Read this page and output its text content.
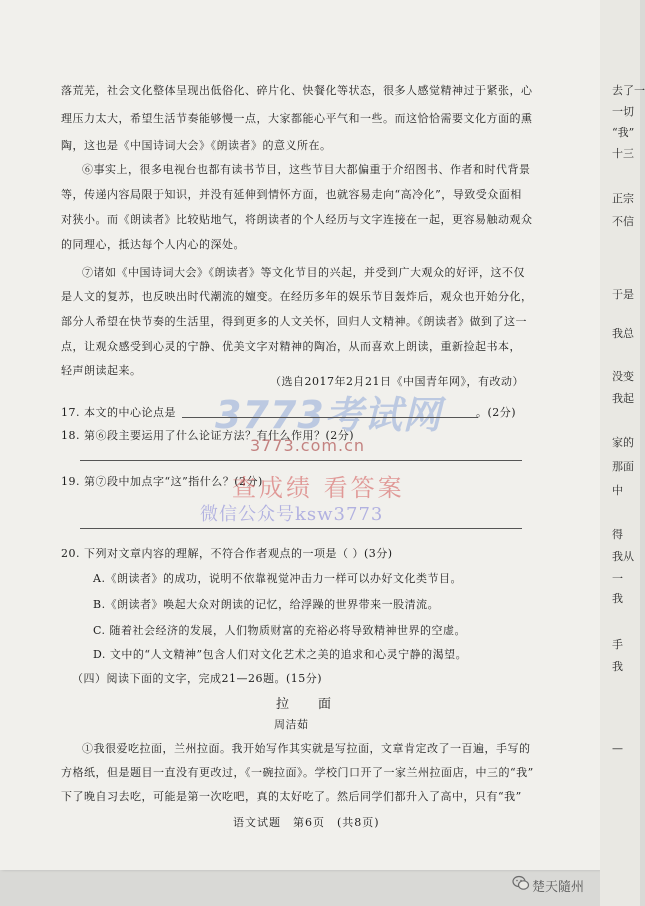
落荒芜，社会文化整体呈现出低俗化、碎片化、快餐化等状态，很多人感觉精神过于紧张，心
理压力太大，希望生活节奏能够慢一点，大家都能心平气和一些。而这恰恰需要文化方面的熏
陶，这也是《中国诗词大会》《朗读者》的意义所在。
⑥事实上，很多电视台也都有读书节目，这些节目大都偏重于介绍图书、作者和时代背景
等，传递内容局限于知识，并没有延伸到情怀方面，也就容易走向“高冷化”，导致受众面相
对狭小。而《朗读者》比较贴地气，将朗读者的个人经历与文字连接在一起，更容易触动观众
的同理心，抵达每个人内心的深处。
⑦诸如《中国诗词大会》《朗读者》等文化节目的兴起，并受到广大观众的好评，这不仅
是人文的复苏，也反映出时代潮流的嬗变。在经历多年的娱乐节目轰炸后，观众也开始分化，
部分人希望在快节奏的生活里，得到更多的人文关怀，回归人文精神。《朗读者》做到了这一
点，让观众感受到心灵的宁静、优美文字对精神的陶冶，从而喜欢上朗读，重新捡起书本，
轻声朗读起来。
（选自2017年2月21日《中国青年网》，有改动）
3773考试网
17. 本文的中心论点是	。(2分)
18. 第⑥段主要运用了什么论证方法？有什么作用？(2分)
3773.com.cn
19. 第⑦段中加点字“这”指什么？(2分)
查成绩 看答案
微信公众号ksw3773
20. 下列对文章内容的理解，不符合作者观点的一项是（ ）(3分)
A.《朗读者》的成功，说明不依靠视觉冲击力一样可以办好文化类节目。
B.《朗读者》唤起大众对朗读的记忆，给浮躁的世界带来一股清流。
C. 随着社会经济的发展，人们物质财富的充裕必将导致精神世界的空虚。
D. 文中的“人文精神”包含人们对文化艺术之美的追求和心灵宁静的渴望。
（四）阅读下面的文字，完成21—26题。(15分)
拉　面
周洁茹
①我很爱吃拉面，兰州拉面。我开始写作其实就是写拉面，文章肯定改了一百遍，手写的
方格纸，但是题目一直没有更改过，《一碗拉面》。学校门口开了一家兰州拉面店，中三的“我”
下了晚自习去吃，可能是第一次吃吧，真的太好吃了。然后同学们都升入了高中，只有“我”
语文试题　第6页　(共8页)
去了一
一切
“我”
十三
正宗
不信
于是
我总
没变
我起
家的
那面
中
得
我从
一
我
手
我
—
楚天隨州
